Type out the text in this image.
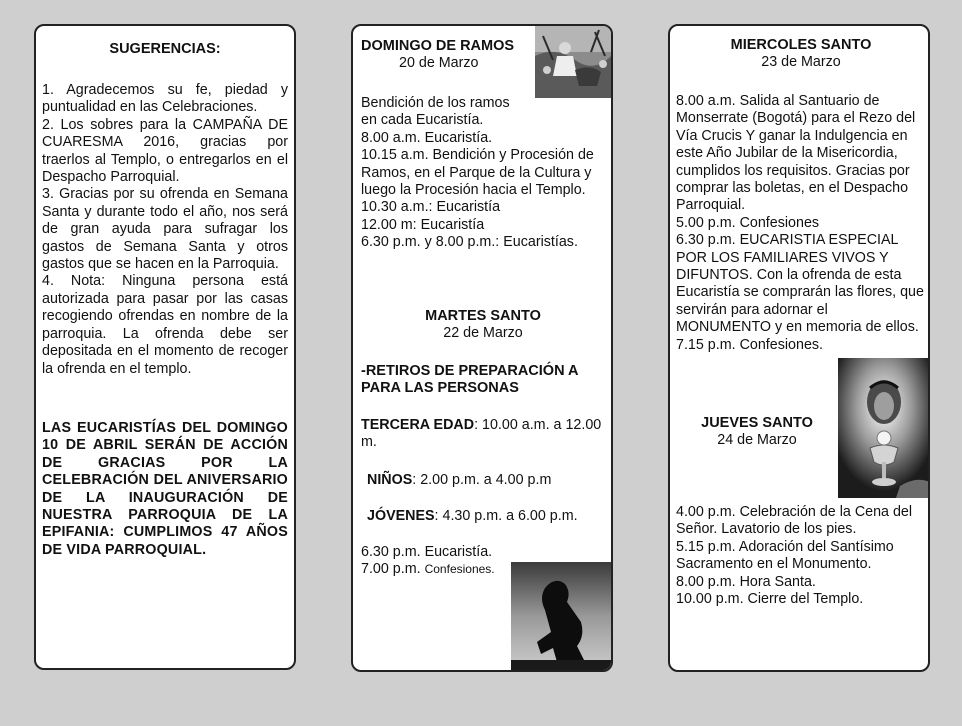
SUGERENCIAS:

1. Agradecemos su fe, piedad y puntualidad en las Celebraciones.

2. Los sobres para la CAMPAÑA DE CUARESMA 2016, gracias por traerlos al Templo, o entregarlos en el Despacho Parroquial.

3. Gracias por su ofrenda en Semana Santa y durante todo el año, nos será de gran ayuda para sufragar los gastos de Semana Santa y otros gastos que se hacen en la Parroquia.

4. Nota: Ninguna persona está autorizada para pasar por las casas recogiendo ofrendas en nombre de la parroquia. La ofrenda debe ser depositada en el momento de recoger la ofrenda en el templo.

LAS EUCARISTÍAS DEL DOMINGO 10 DE ABRIL SERÁN DE ACCIÓN DE GRACIAS POR LA CELEBRACIÓN DEL ANIVERSARIO DE LA INAUGURACIÓN DE NUESTRA PARROQUIA DE LA EPIFANIA: CUMPLIMOS 47 AÑOS DE VIDA PARROQUIAL.

DOMINGO DE RAMOS

20 de Marzo

Bendición de los ramos en cada Eucaristía.

8.00 a.m. Eucaristía.

10.15 a.m. Bendición y Procesión de Ramos, en el Parque de la Cultura y luego la Procesión hacia el Templo.

10.30 a.m.: Eucaristía

12.00 m: Eucaristía

6.30 p.m. y 8.00 p.m.: Eucaristías.

MARTES SANTO

22 de Marzo

-RETIROS DE PREPARACIÓN A PARA LAS PERSONAS
TERCERA EDAD: 10.00 a.m. a 12.00 m.
NIÑOS: 2.00 p.m. a 4.00 p.m
JÓVENES: 4.30 p.m. a 6.00 p.m.

6.30 p.m. Eucaristía.

7.00 p.m. Confesiones.

MIERCOLES SANTO

23 de Marzo

8.00 a.m. Salida al Santuario de Monserrate (Bogotá) para el Rezo del Vía Crucis Y ganar la Indulgencia en este Año Jubilar de la Misericordia, cumplidos los requisitos. Gracias por comprar las boletas, en el Despacho Parroquial.

5.00 p.m. Confesiones

6.30 p.m. EUCARISTIA ESPECIAL POR LOS FAMILIARES VIVOS Y DIFUNTOS. Con la ofrenda de esta Eucaristía se comprarán las flores, que servirán para adornar el MONUMENTO y en memoria de ellos.

7.15 p.m. Confesiones.

JUEVES SANTO

24 de Marzo

4.00 p.m. Celebración de la Cena del Señor. Lavatorio de los pies.

5.15 p.m. Adoración del Santísimo Sacramento en el Monumento.

8.00 p.m. Hora Santa.

10.00 p.m. Cierre del Templo.
